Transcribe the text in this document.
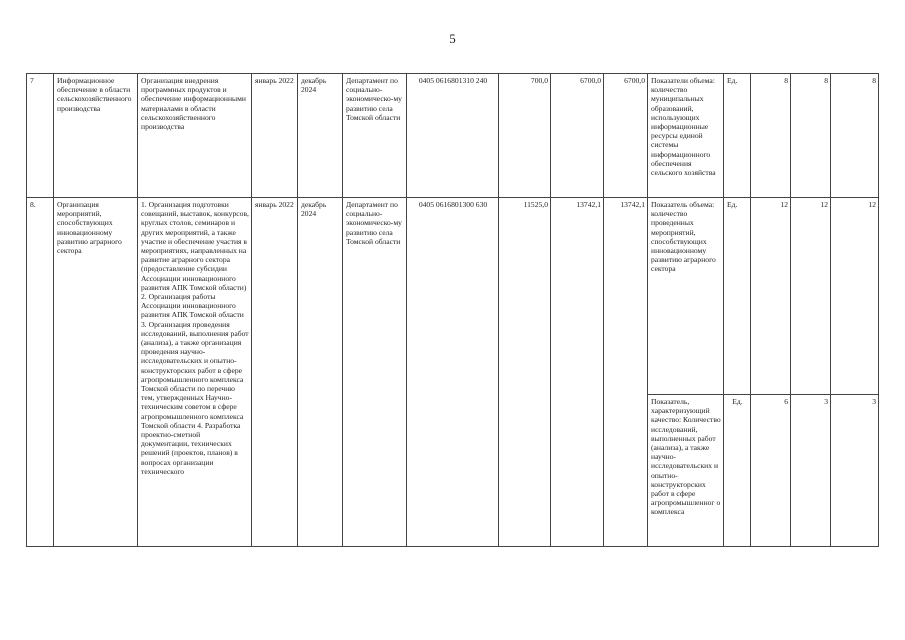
5
7	Информационное обеспечение в области сельскохозяйственного производства	Организация внедрения программных продуктов и обеспечение информационными материалами в области сельскохозяйственного производства	январь 2022	декабрь 2024	Департамент по социально-экономическо-му развитию села Томской области	0405 0616801310 240	700,0	6700,0	6700,0	Показатели объема: количество муниципальных образований, использующих информационные ресурсы единой системы информационного обеспечения сельского хозяйства	Ед.	8	8	8
8.	Организация мероприятий, способствующих инновационному развитию аграрного сектора	1. Организация подготовки совещаний, выставок, конкурсов, круглых столов, семинаров и других мероприятий, а также участие и обеспечение участия в мероприятиях, направленных на развитие аграрного сектора (предоставление субсидии Ассоциации инновационного развития АПК Томской области) 2. Организация работы Ассоциации инновационного развития АПК Томской области 3. Организация проведения исследований, выполнения работ (анализа), а также организация проведения научно-исследовательских и опытно-конструкторских работ в сфере агропромышленного комплекса Томской области по перечню тем, утвержденных Научно-техническим советом в сфере агропромышленного комплекса Томской области 4. Разработка проектно-сметной документации, технических решений (проектов, планов) в вопросах организации технического	январь 2022	декабрь 2024	Департамент по социально-экономическо-му развитию села Томской области	0405 0616801300 630	11525,0	13742,1	13742,1	Показатель объема: количество проведенных мероприятий, способствующих инновационному развитию аграрного сектора	Ед.	12	12	12
										Показатель, характеризующий качество: Количество исследований, выполненных работ (анализа), а также научно-исследовательских и опытно-конструкторских работ в сфере агропромышленног о комплекса	Ед.	6	3	3
